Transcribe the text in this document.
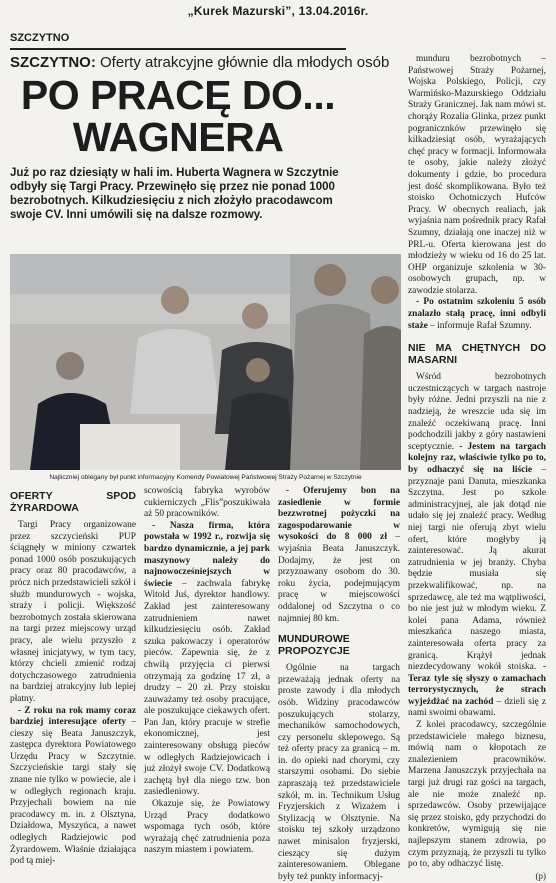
„Kurek Mazurski”, 13.04.2016r.
SZCZYTNO
SZCZYTNO: Oferty atrakcyjne głównie dla młodych osób
PO PRACĘ DO...
WAGNERA
Już po raz dziesiąty w hali im. Huberta Wagnera w Szczytnie odbyły się Targi Pracy. Przewinęło się przez nie ponad 1000 bezrobotnych. Kilkudziesięciu z nich złożyło pracodawcom swoje CV. Inni umówili się na dalsze rozmowy.

munduru bezrobotnych – Państwowej Straży Pożarnej, Wojska Polskiego, Policji, czy Warmińsko-Mazurskiego Oddziału Straży Granicznej. Jak nam mówi st. chorąży Rozalia Glinka, przez punkt pogranicznków przewinęło się kilkadziesiąt osób, wyrażających chęć pracy w formacji. Informowała te osoby, jakie należy złożyć dokumenty i gdzie, bo procedura jest dość skomplikowana. Było też stoisko Ochotniczych Hufców Pracy. W obecnych realiach, jak wyjaśnia nam pośrednik pracy Rafał Szumny, działają one inaczej niż w PRL-u. Oferta kierowana jest do młodzieży w wieku od 16 do 25 lat. OHP organizuje szkolenia w 30-osobowych grupach, np. w zawodzie stolarza.

- Po ostatnim szkoleniu 5 osób znalazło stałą pracę, inni odbyli staże – informuje Rafał Szumny.

NIE MA CHĘTNYCH DO MASARNI

Wśród bezrobotnych uczestniczących w targach nastroje były różne. Jedni przyszli na nie z nadzieją, że wreszcie uda się im znaleźć oczekiwaną pracę. Inni podchodzili jakby z góry nastawieni sceptycznie. - Jestem na targach kolejny raz, właściwie tylko po to, by odhaczyć się na liście – przyznaje pani Danuta, mieszkanka Szczytna. Jest po szkole administracyjnej, ale jak dotąd nie udało się jej znaleźć pracy. Według niej targi nie oferują zbyt wielu ofert, które mogłyby ją zainteresować. Ją akurat zatrudnienia w jej branży. Chyba będzie musiała się przekwalifikować, np. na sprzedawcę, ale też ma wątpliwości, bo nie jest już w młodym wieku. Z kolei pana Adama, również mieszkańca naszego miasta, zainteresowała oferta pracy za granicą. Krążył jednak niezdecydowany wokół stoiska. - Teraz tyle się słyszy o zamachach terrorystycznych, że strach wyjeżdżać na zachód – dzieli się z nami swoimi obawami.

Z kolei pracodawcy, szczególnie przedstawiciele małego biznesu, mówią nam o kłopotach ze znalezieniem pracowników. Marzena Januszczyk przyjechała na targi już drugi raz gości na targach, ale nie może znaleźć np. sprzedawców. Osoby przewijające się przez stoisko, gdy przychodzi do konkretów, wymigują się nie najlepszym stanem zdrowia, po czym przyznają, że przyszli tu tylko po to, aby odhaczyć listę.

(p)
Najliczniej oblegany był punkt informacyjny Komendy Powiatowej Państwowej Straży Pożarnej w Szczytnie
OFERTY SPOD ŻYRARDOWA

Targi Pracy organizowane przez szczycieński PUP ściągnęły w miniony czwartek ponad 1000 osób poszukujących pracy oraz 80 pracodawców, a prócz nich przedstawicieli szkół i służb mundurowych - wojska, straży i policji. Większość bezrobotnych została skierowana na targi przez miejscowy urząd pracy, ale wielu przyszło z własnej inicjatywy, w tym tacy, którzy chcieli zmienić rodzaj dotychczasowego zatrudnienia na bardziej atrakcyjny lub lepiej płatny.

- Z roku na rok mamy coraz bardziej interesujące oferty – cieszy się Beata Januszczyk, zastępca dyrektora Powiatowego Urzędu Pracy w Szczytnie. Szczycieńskie targi stały się znane nie tylko w powiecie, ale i w odległych regionach kraju. Przyjechali bowiem na nie pracodawcy m. in. z Olsztyna, Działdowa, Myszyńca, a nawet odległych Radziejowic pod Żyrardowem. Właśnie działająca pod tą miej-

scowością fabryka wyrobów cukierniczych „Flis”poszukiwała aż 50 pracowników.

- Nasza firma, która powstała w 1992 r., rozwija się bardzo dynamicznie, a jej park maszynowy należy do najnowocześniejszych w świecie – zachwala fabrykę Witold Juś, dyrektor handlowy. Zakład jest zainteresowany zatrudnieniem nawet kilkudziesięciu osób. Zakład szuka pakowaczy i operatorów pieców. Zapewnia się, że z chwilą przyjęcia ci pierwsi otrzymają za godzinę 17 zł, a drudzy – 20 zł. Przy stoisku zauważamy też osoby pracujące, ale poszukujące ciekawych ofert. Pan Jan, który pracuje w strefie ekonomicznej, jest zainteresowany obsługą pieców w odległych Radziejowicach i już złożył swoje CV. Dodatkową zachętą był dla niego tzw. bon zasiedleniowy.

Okazuje się, że Powiatowy Urząd Pracy dodatkowo wspomaga tych osób, które wyrażają chęć zatrudnienia poza naszym miastem i powiatem.

- Oferujemy bon na zasiedlenie w formie bezzwrotnej pożyczki na zagospodarowanie w wysokości do 8 000 zł – wyjaśnia Beata Januszczyk. Dodajmy, że jest on przyznawany osobom do 30. roku życia, podejmującym pracę w miejscowości oddalonej od Szczytna o co najmniej 80 km.

MUNDUROWE PROPOZYCJE

Ogólnie na targach przeważają jednak oferty na proste zawody i dla młodych osób. Widziny pracodawców poszukujących stolarzy, mechaników samochodowych, czy personelu sklepowego. Są też oferty pracy za granicą – m. in. do opieki nad chorymi, czy starszymi osobami. Do siebie zapraszają też przedstawiciele szkół, m. in. Technikum Usług Fryzjerskich z Wizażem i Stylizacją w Olsztynie. Na stoisku tej szkoły urządzono nawet minisalon fryzjerski, cieszący się dużym zainteresowaniem. Oblegane były też punkty informacyj-
